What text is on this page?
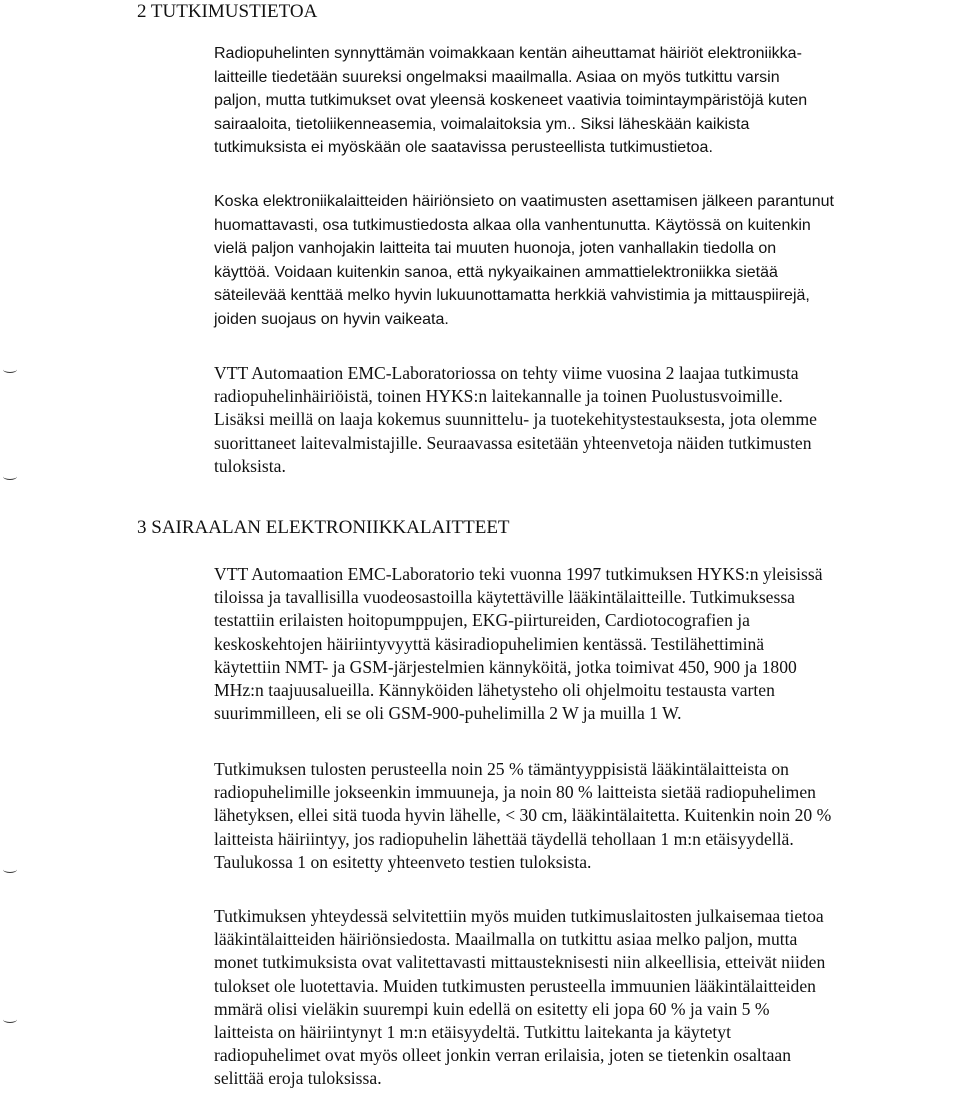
2 TUTKIMUSTIETOA

Radiopuhelinten synnyttämän voimakkaan kentän aiheuttamat häiriöt elektroniikka-
laitteille tiedetään suureksi ongelmaksi maailmalla. Asiaa on myös tutkittu varsin
paljon, mutta tutkimukset ovat yleensä koskeneet vaativia toimintaympäristöjä kuten
sairaaloita, tietoliikenneasemia, voimalaitoksia ym.. Siksi läheskään kaikista
tutkimuksista ei myöskään ole saatavissa perusteellista tutkimustietoa.

Koska elektroniikalaitteiden häiriönsieto on vaatimusten asettamisen jälkeen parantunut
huomattavasti, osa tutkimustiedosta alkaa olla vanhentunutta. Käytössä on kuitenkin
vielä paljon vanhojakin laitteita tai muuten huonoja, joten vanhallakin tiedolla on
käyttöä. Voidaan kuitenkin sanoa, että nykyaikainen ammattielektroniikka sietää
säteilevää kenttää melko hyvin lukuunottamatta herkkiä vahvistimia ja mittauspiirejä,
joiden suojaus on hyvin vaikeata.

VTT Automaation EMC-Laboratoriossa on tehty viime vuosina 2 laajaa tutkimusta
radiopuhelinhäiriöistä, toinen HYKS:n laitekannalle ja toinen Puolustusvoimille.
Lisäksi meillä on laaja kokemus suunnittelu- ja tuotekehitystestauksesta, jota olemme
suorittaneet laitevalmistajille. Seuraavassa esitetään yhteenvetoja näiden tutkimusten
tuloksista.

3 SAIRAALAN ELEKTRONIIKKALAITTEET

VTT Automaation EMC-Laboratorio teki vuonna 1997 tutkimuksen HYKS:n yleisissä
tiloissa ja tavallisilla vuodeosastoilla käytettäville lääkintälaitteille. Tutkimuksessa
testattiin erilaisten hoitopumppujen, EKG-piirtureiden, Cardiotocografien ja
keskoskehtojen häiriintyvyyttä käsiradiopuhelimien kentässä. Testilähettiminä
käytettiin NMT- ja GSM-järjestelmien kännyköitä, jotka toimivat 450, 900 ja 1800
MHz:n taajuusalueilla. Kännyköiden lähetysteho oli ohjelmoitu testausta varten
suurimmilleen, eli se oli GSM-900-puhelimilla 2 W ja muilla 1 W.

Tutkimuksen tulosten perusteella noin 25 % tämäntyyppisistä lääkintälaitteista on
radiopuhelimille jokseenkin immuuneja, ja noin 80 % laitteista sietää radiopuhelimen
lähetyksen, ellei sitä tuoda hyvin lähelle, < 30 cm, lääkintälaitetta. Kuitenkin noin 20 %
laitteista häiriintyy, jos radiopuhelin lähettää täydellä tehollaan 1 m:n etäisyydellä.
Taulukossa 1 on esitetty yhteenveto testien tuloksista.

Tutkimuksen yhteydessä selvitettiin myös muiden tutkimuslaitosten julkaisemaa tietoa
lääkintälaitteiden häiriönsiedosta. Maailmalla on tutkittu asiaa melko paljon, mutta
monet tutkimuksista ovat valitettavasti mittausteknisesti niin alkeellisia, etteivät niiden
tulokset ole luotettavia. Muiden tutkimusten perusteella immuunien lääkintälaitteiden
mmärä olisi vieläkin suurempi kuin edellä on esitetty eli jopa 60 % ja vain 5 %
laitteista on häiriintynyt 1 m:n etäisyydeltä. Tutkittu laitekanta ja käytetyt
radiopuhelimet ovat myös olleet jonkin verran erilaisia, joten se tietenkin osaltaan
selittää eroja tuloksissa.
